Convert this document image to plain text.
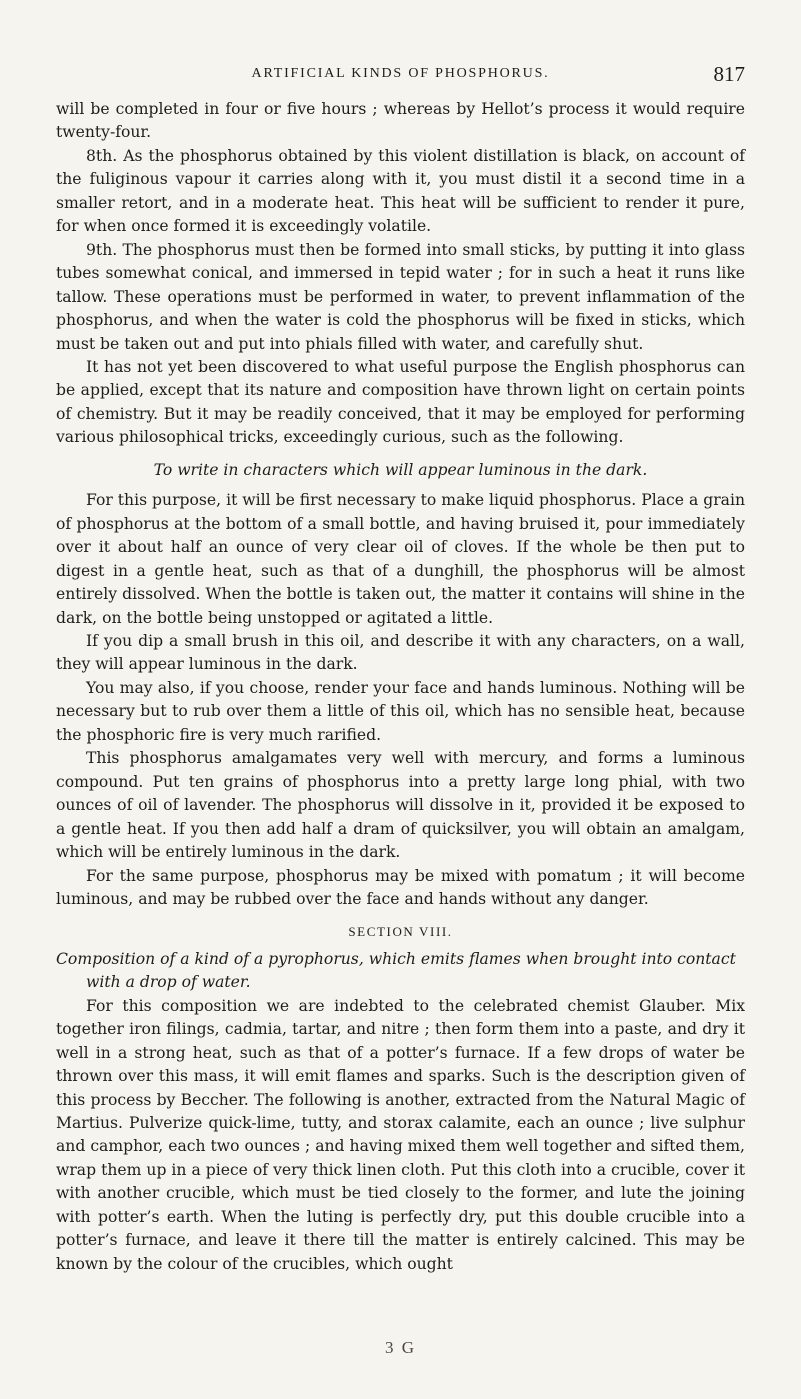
ARTIFICIAL KINDS OF PHOSPHORUS.	817

will be completed in four or five hours ; whereas by Hellot’s process it would require twenty-four.

8th. As the phosphorus obtained by this violent distillation is black, on account of the fuliginous vapour it carries along with it, you must distil it a second time in a smaller retort, and in a moderate heat. This heat will be sufficient to render it pure, for when once formed it is exceedingly volatile.

9th. The phosphorus must then be formed into small sticks, by putting it into glass tubes somewhat conical, and immersed in tepid water ; for in such a heat it runs like tallow. These operations must be performed in water, to prevent inflammation of the phosphorus, and when the water is cold the phosphorus will be fixed in sticks, which must be taken out and put into phials filled with water, and carefully shut.

It has not yet been discovered to what useful purpose the English phosphorus can be applied, except that its nature and composition have thrown light on certain points of chemistry. But it may be readily conceived, that it may be employed for performing various philosophical tricks, exceedingly curious, such as the following.

To write in characters which will appear luminous in the dark.

For this purpose, it will be first necessary to make liquid phosphorus. Place a grain of phosphorus at the bottom of a small bottle, and having bruised it, pour immediately over it about half an ounce of very clear oil of cloves. If the whole be then put to digest in a gentle heat, such as that of a dunghill, the phosphorus will be almost entirely dissolved. When the bottle is taken out, the matter it contains will shine in the dark, on the bottle being unstopped or agitated a little.

If you dip a small brush in this oil, and describe it with any characters, on a wall, they will appear luminous in the dark.

You may also, if you choose, render your face and hands luminous. Nothing will be necessary but to rub over them a little of this oil, which has no sensible heat, because the phosphoric fire is very much rarified.

This phosphorus amalgamates very well with mercury, and forms a luminous compound. Put ten grains of phosphorus into a pretty large long phial, with two ounces of oil of lavender. The phosphorus will dissolve in it, provided it be exposed to a gentle heat. If you then add half a dram of quicksilver, you will obtain an amalgam, which will be entirely luminous in the dark.

For the same purpose, phosphorus may be mixed with pomatum ; it will become luminous, and may be rubbed over the face and hands without any danger.

SECTION VIII.

Composition of a kind of a pyrophorus, which emits flames when brought into contact
with a drop of water.

For this composition we are indebted to the celebrated chemist Glauber. Mix together iron filings, cadmia, tartar, and nitre ; then form them into a paste, and dry it well in a strong heat, such as that of a potter’s furnace. If a few drops of water be thrown over this mass, it will emit flames and sparks. Such is the description given of this process by Beccher. The following is another, extracted from the Natural Magic of Martius. Pulverize quick-lime, tutty, and storax calamite, each an ounce ; live sulphur and camphor, each two ounces ; and having mixed them well together and sifted them, wrap them up in a piece of very thick linen cloth. Put this cloth into a crucible, cover it with another crucible, which must be tied closely to the former, and lute the joining with potter’s earth. When the luting is perfectly dry, put this double crucible into a potter’s furnace, and leave it there till the matter is entirely calcined. This may be known by the colour of the crucibles, which ought

3 G
